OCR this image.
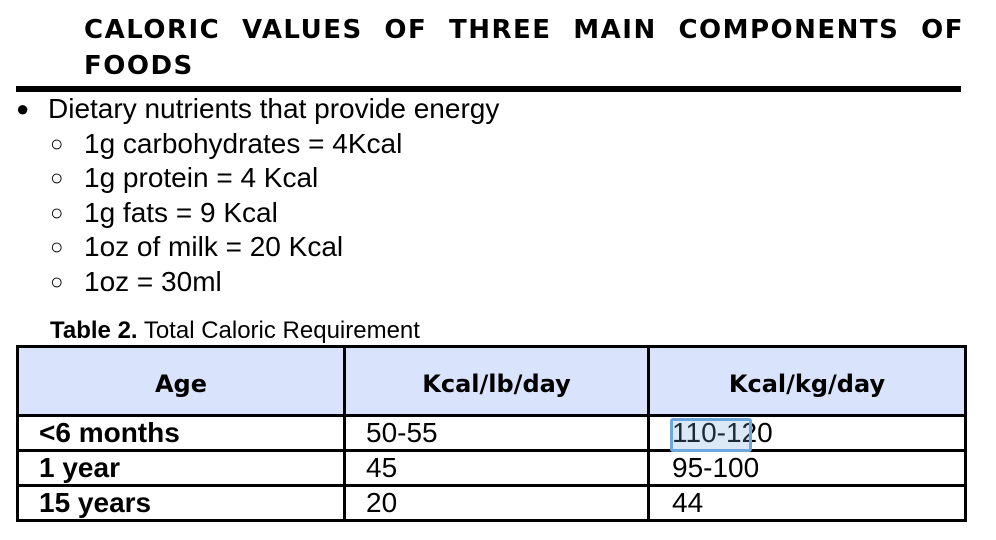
CALORIC VALUES OF THREE MAIN COMPONENTS OF FOODS
● Dietary nutrients that provide energy
○ 1g carbohydrates = 4Kcal
○ 1g protein = 4 Kcal
○ 1g fats = 9 Kcal
○ 1oz of milk = 20 Kcal
○ 1oz = 30ml
Table 2. Total Caloric Requirement
Age	Kcal/lb/day	Kcal/kg/day
<6 months	50-55	110-120
1 year	45	95-100
15 years	20	44
